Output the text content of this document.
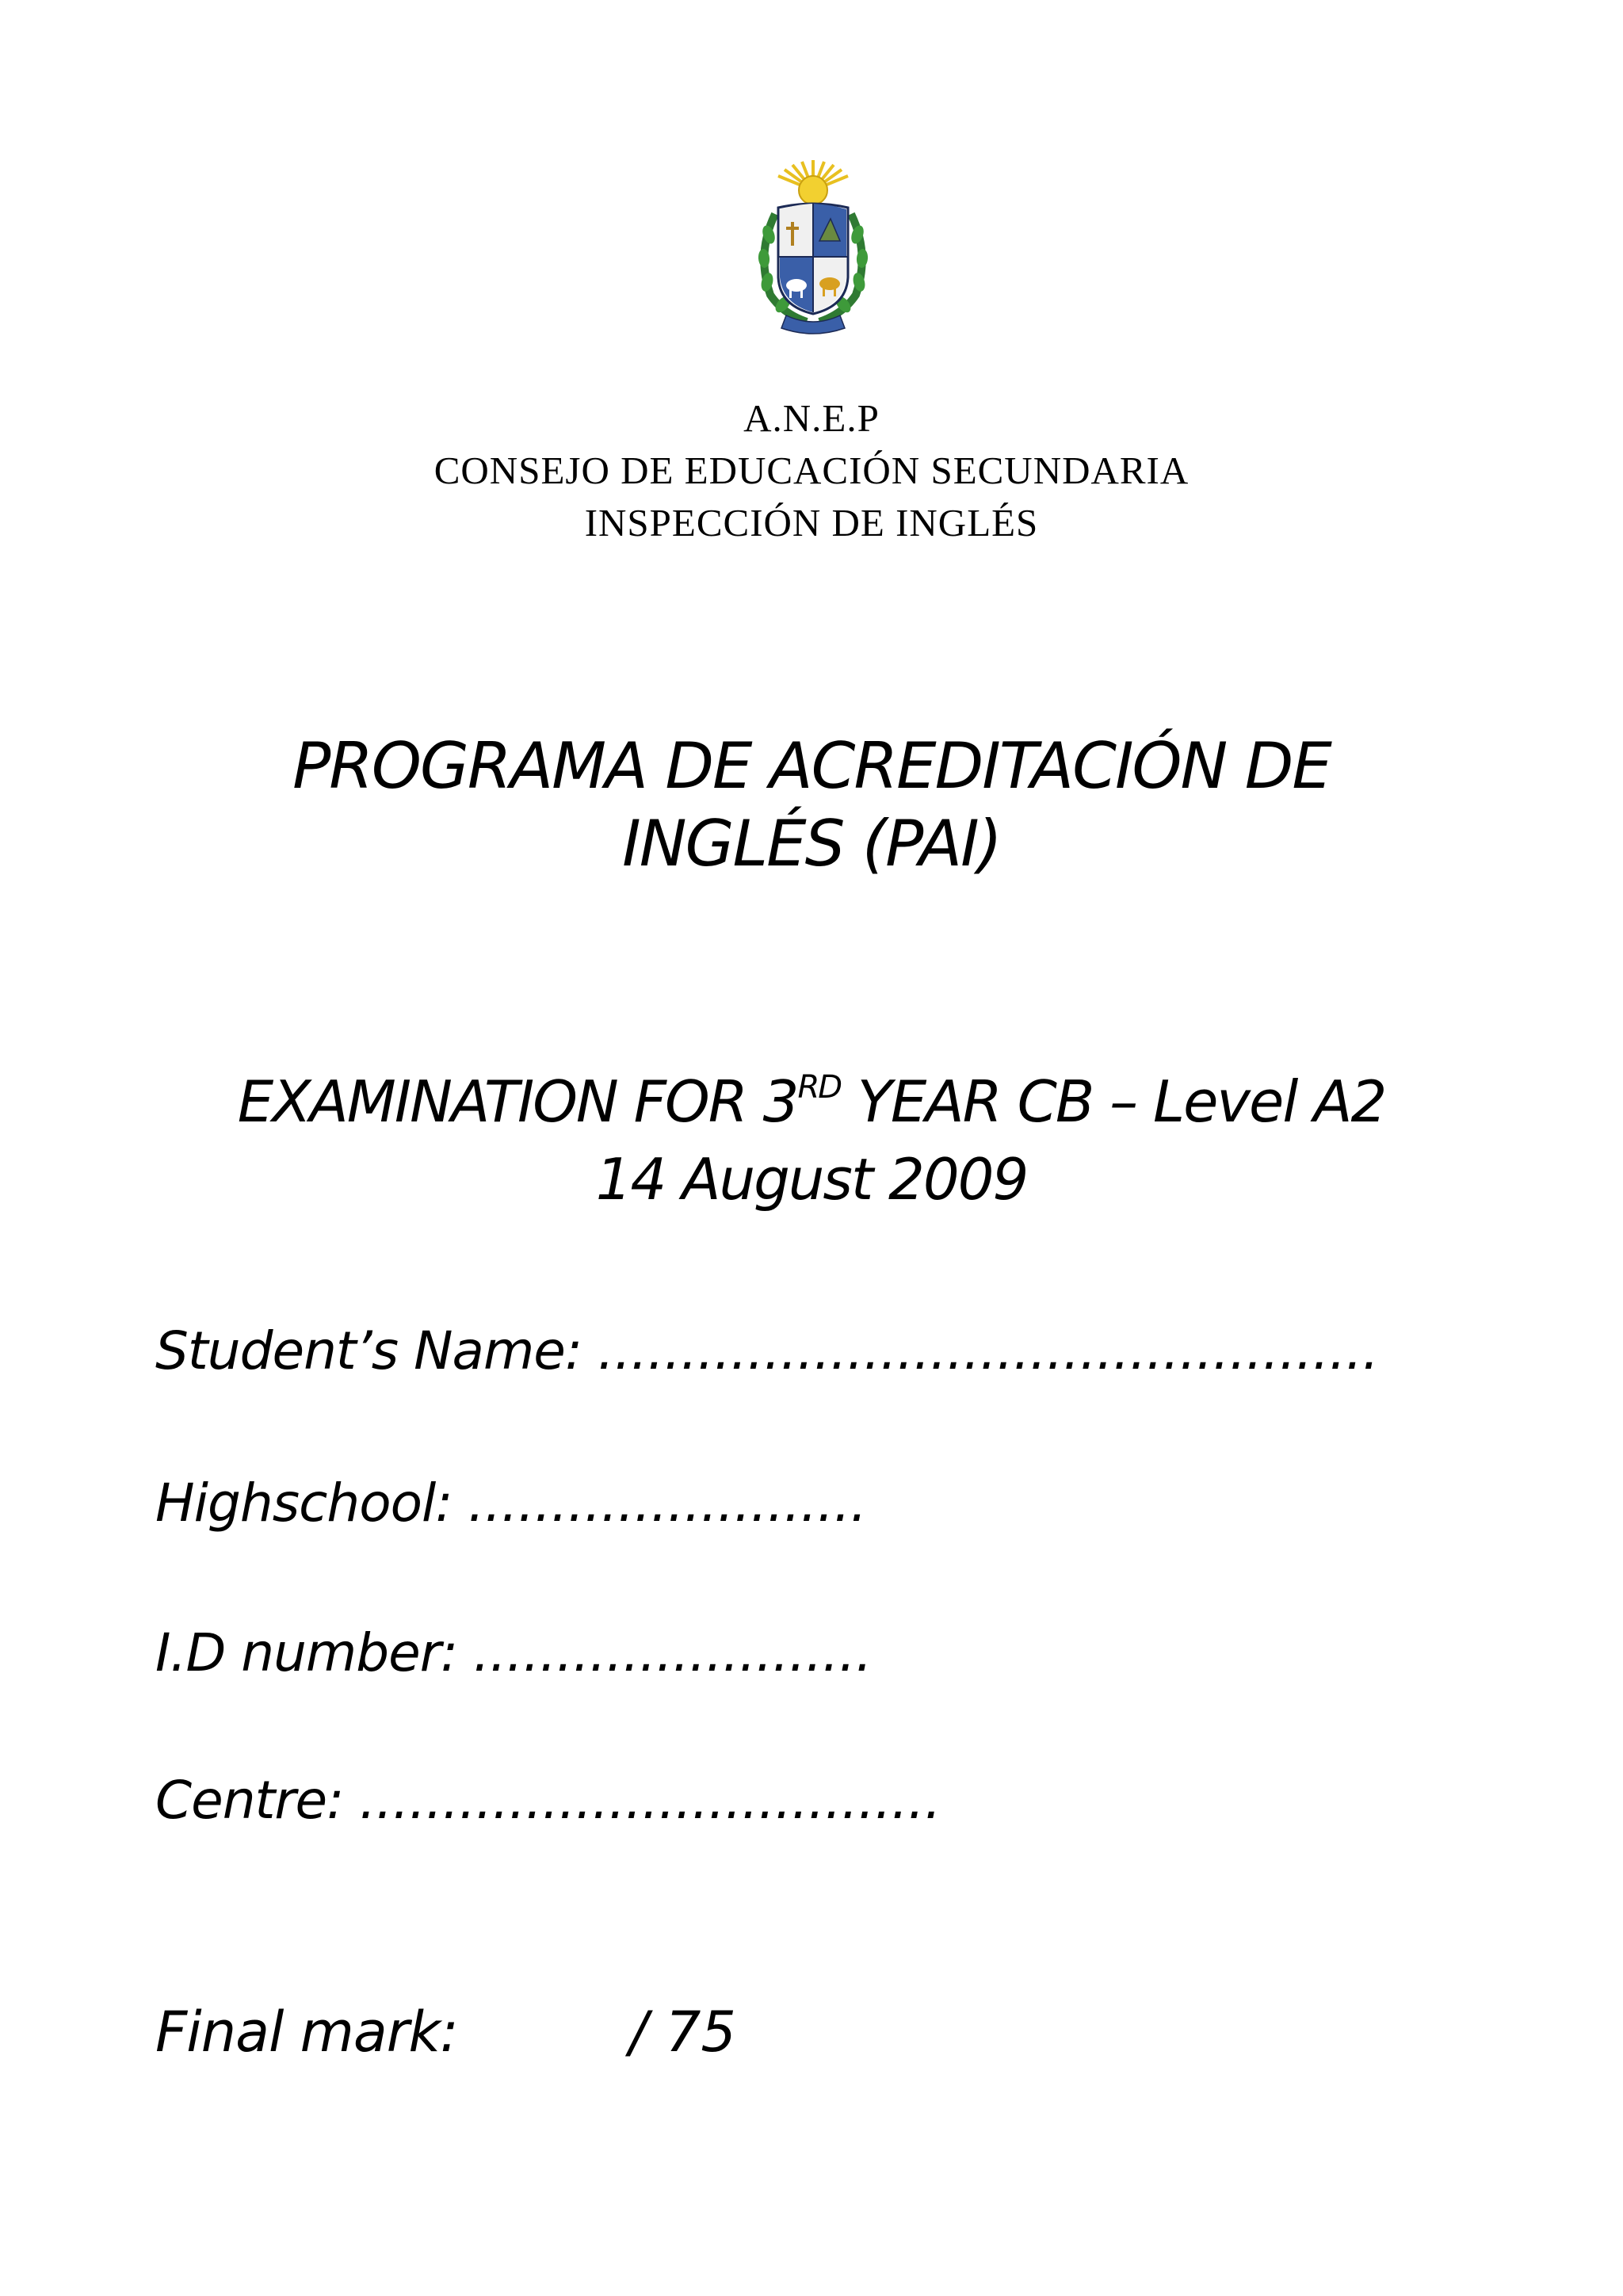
A.N.E.P
CONSEJO DE EDUCACIÓN SECUNDARIA
INSPECCIÓN DE INGLÉS
PROGRAMA DE ACREDITACIÓN DE
INGLÉS (PAI)
EXAMINATION FOR 3RD YEAR CB – Level A2
14 August 2009
Student’s Name: ...............................................
Highschool: ........................
I.D number: ........................
Centre: ...................................
Final mark:	/ 75
